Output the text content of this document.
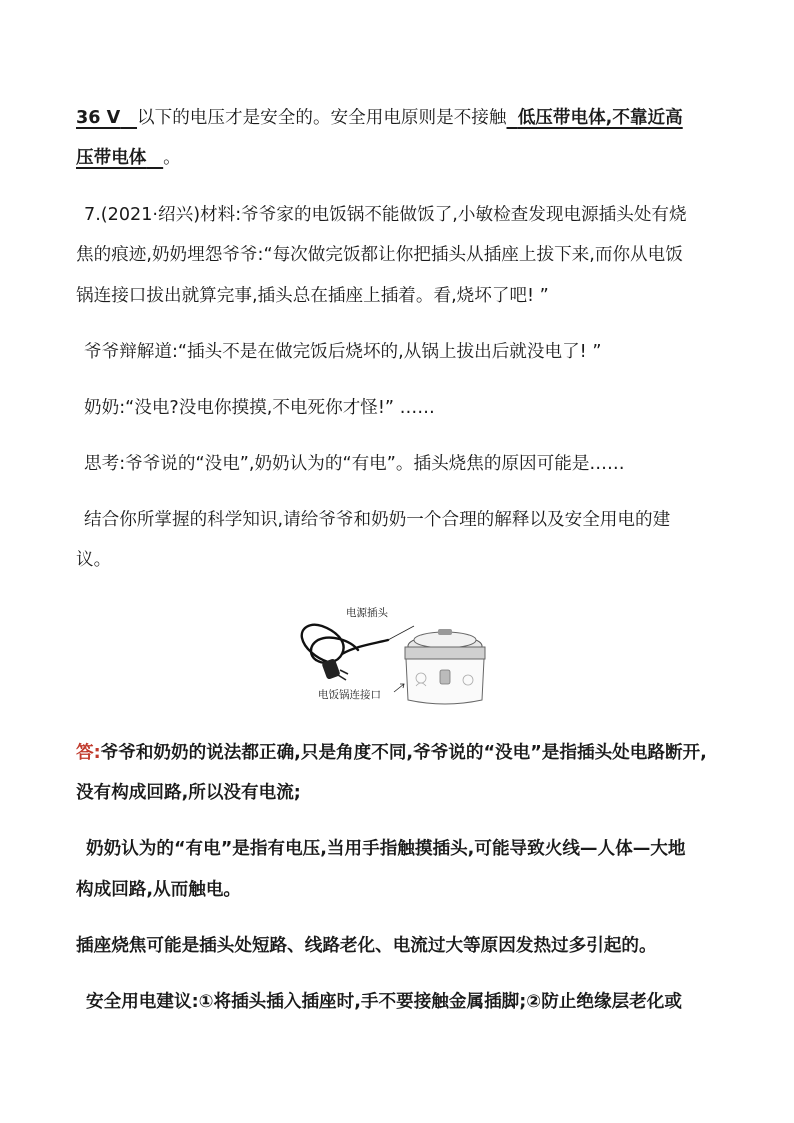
36 V 以下的电压才是安全的。安全用电原则是不接触 低压带电体,不靠近高
压带电体 。
7.(2021·绍兴)材料:爷爷家的电饭锅不能做饭了,小敏检查发现电源插头处有烧
焦的痕迹,奶奶埋怨爷爷:“每次做完饭都让你把插头从插座上拔下来,而你从电饭
锅连接口拔出就算完事,插头总在插座上插着。看,烧坏了吧! ”
爷爷辩解道:“插头不是在做完饭后烧坏的,从锅上拔出后就没电了! ”
奶奶:“没电?没电你摸摸,不电死你才怪!” ……
思考:爷爷说的“没电”,奶奶认为的“有电”。插头烧焦的原因可能是……
结合你所掌握的科学知识,请给爷爷和奶奶一个合理的解释以及安全用电的建
议。
电源插头
电饭锅连接口
答:爷爷和奶奶的说法都正确,只是角度不同,爷爷说的“没电”是指插头处电路断开,
没有构成回路,所以没有电流;
奶奶认为的“有电”是指有电压,当用手指触摸插头,可能导致火线—人体—大地
构成回路,从而触电。
插座烧焦可能是插头处短路、线路老化、电流过大等原因发热过多引起的。
安全用电建议:①将插头插入插座时,手不要接触金属插脚;②防止绝缘层老化或
